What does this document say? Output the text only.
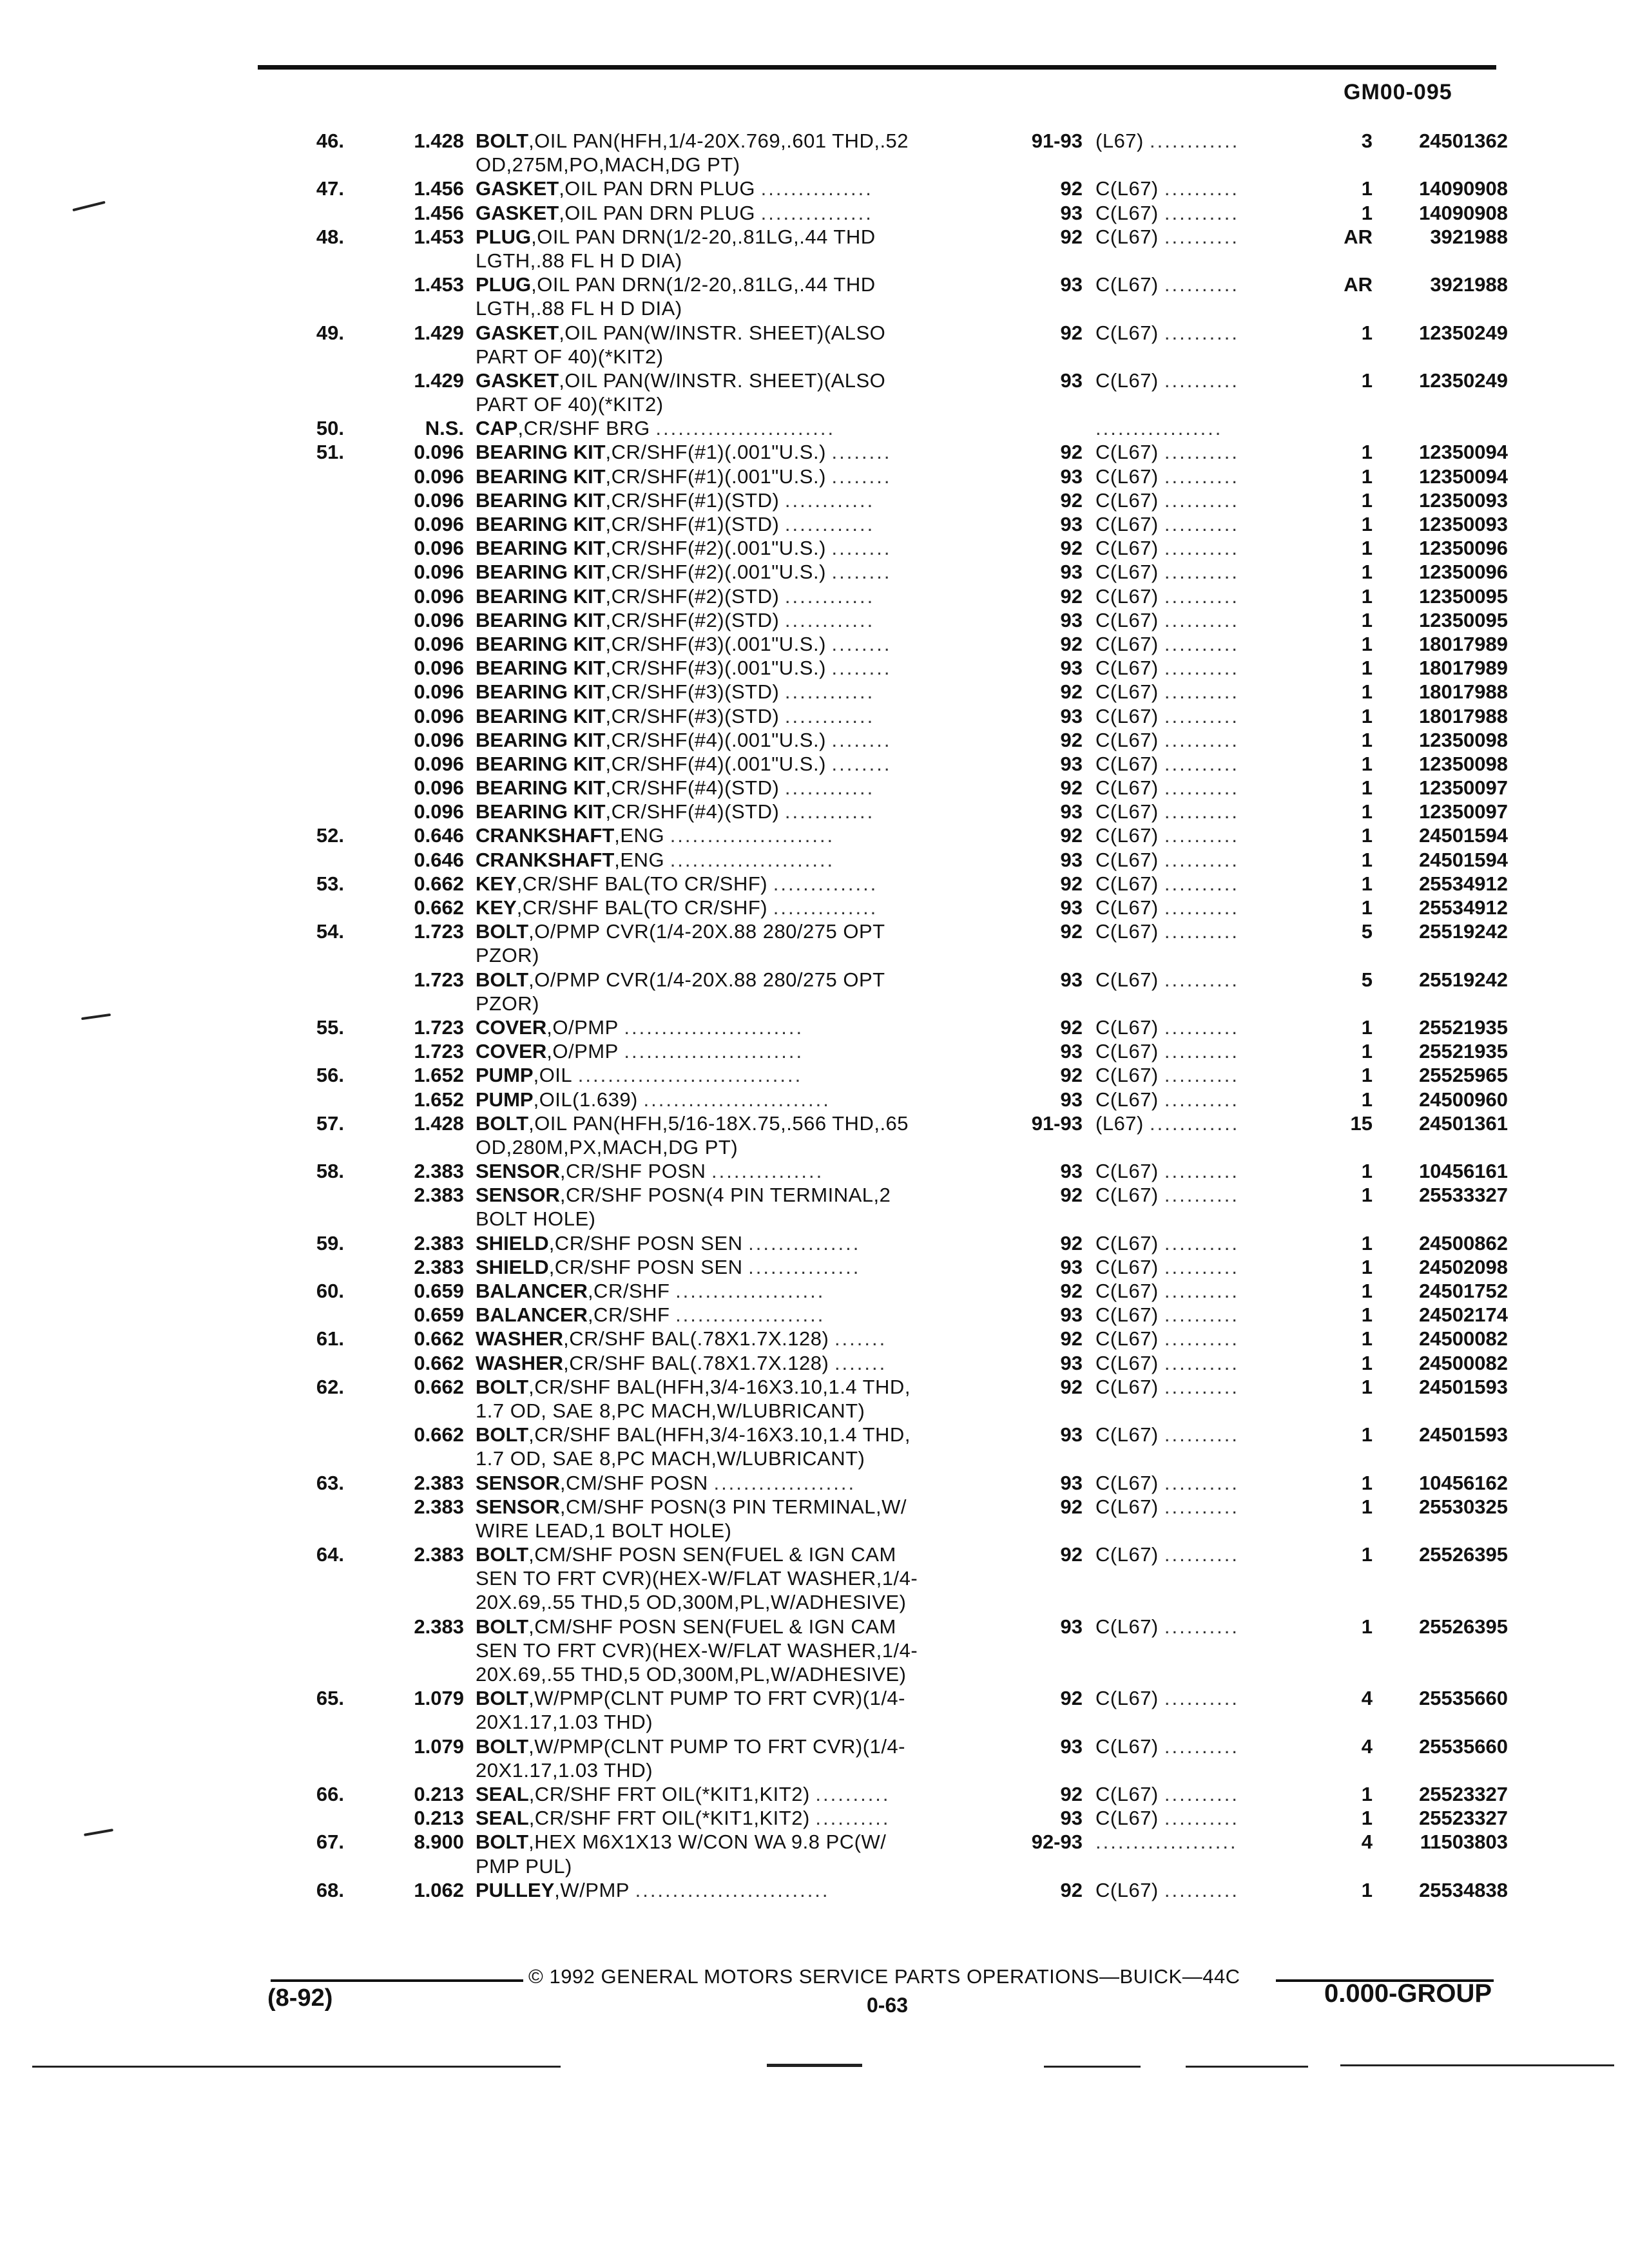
GM00-095
46.	1.428 BOLT,OIL PAN(HFH,1/4-20X.769,.601 THD,.52	91-93 (L67) ............	3	24501362
OD,275M,PO,MACH,DG PT)
47.	1.456 GASKET,OIL PAN DRN PLUG ...............	92 C(L67) ..........	1	14090908
1.456 GASKET,OIL PAN DRN PLUG ...............	93 C(L67) ..........	1	14090908
48.	1.453 PLUG,OIL PAN DRN(1/2-20,.81LG,.44 THD	92 C(L67) ..........	AR	3921988
LGTH,.88 FL H D DIA)
1.453 PLUG,OIL PAN DRN(1/2-20,.81LG,.44 THD	93 C(L67) ..........	AR	3921988
LGTH,.88 FL H D DIA)
49.	1.429 GASKET,OIL PAN(W/INSTR. SHEET)(ALSO	92 C(L67) ..........	1	12350249
PART OF 40)(*KIT2)
1.429 GASKET,OIL PAN(W/INSTR. SHEET)(ALSO	93 C(L67) ..........	1	12350249
PART OF 40)(*KIT2)
50.	N.S. CAP,CR/SHF BRG ........................	.................
51.	0.096 BEARING KIT,CR/SHF(#1)(.001"U.S.) ........	92 C(L67) ..........	1	12350094
0.096 BEARING KIT,CR/SHF(#1)(.001"U.S.) ........	93 C(L67) ..........	1	12350094
0.096 BEARING KIT,CR/SHF(#1)(STD) ............	92 C(L67) ..........	1	12350093
0.096 BEARING KIT,CR/SHF(#1)(STD) ............	93 C(L67) ..........	1	12350093
0.096 BEARING KIT,CR/SHF(#2)(.001"U.S.) ........	92 C(L67) ..........	1	12350096
0.096 BEARING KIT,CR/SHF(#2)(.001"U.S.) ........	93 C(L67) ..........	1	12350096
0.096 BEARING KIT,CR/SHF(#2)(STD) ............	92 C(L67) ..........	1	12350095
0.096 BEARING KIT,CR/SHF(#2)(STD) ............	93 C(L67) ..........	1	12350095
0.096 BEARING KIT,CR/SHF(#3)(.001"U.S.) ........	92 C(L67) ..........	1	18017989
0.096 BEARING KIT,CR/SHF(#3)(.001"U.S.) ........	93 C(L67) ..........	1	18017989
0.096 BEARING KIT,CR/SHF(#3)(STD) ............	92 C(L67) ..........	1	18017988
0.096 BEARING KIT,CR/SHF(#3)(STD) ............	93 C(L67) ..........	1	18017988
0.096 BEARING KIT,CR/SHF(#4)(.001"U.S.) ........	92 C(L67) ..........	1	12350098
0.096 BEARING KIT,CR/SHF(#4)(.001"U.S.) ........	93 C(L67) ..........	1	12350098
0.096 BEARING KIT,CR/SHF(#4)(STD) ............	92 C(L67) ..........	1	12350097
0.096 BEARING KIT,CR/SHF(#4)(STD) ............	93 C(L67) ..........	1	12350097
52.	0.646 CRANKSHAFT,ENG ......................	92 C(L67) ..........	1	24501594
0.646 CRANKSHAFT,ENG ......................	93 C(L67) ..........	1	24501594
53.	0.662 KEY,CR/SHF BAL(TO CR/SHF) ..............	92 C(L67) ..........	1	25534912
0.662 KEY,CR/SHF BAL(TO CR/SHF) ..............	93 C(L67) ..........	1	25534912
54.	1.723 BOLT,O/PMP CVR(1/4-20X.88 280/275 OPT	92 C(L67) ..........	5	25519242
PZOR)
1.723 BOLT,O/PMP CVR(1/4-20X.88 280/275 OPT	93 C(L67) ..........	5	25519242
PZOR)
55.	1.723 COVER,O/PMP ........................	92 C(L67) ..........	1	25521935
1.723 COVER,O/PMP ........................	93 C(L67) ..........	1	25521935
56.	1.652 PUMP,OIL ..............................	92 C(L67) ..........	1	25525965
1.652 PUMP,OIL(1.639) .........................	93 C(L67) ..........	1	24500960
57.	1.428 BOLT,OIL PAN(HFH,5/16-18X.75,.566 THD,.65	91-93 (L67) ............	15	24501361
OD,280M,PX,MACH,DG PT)
58.	2.383 SENSOR,CR/SHF POSN ...............	93 C(L67) ..........	1	10456161
2.383 SENSOR,CR/SHF POSN(4 PIN TERMINAL,2	92 C(L67) ..........	1	25533327
BOLT HOLE)
59.	2.383 SHIELD,CR/SHF POSN SEN ...............	92 C(L67) ..........	1	24500862
2.383 SHIELD,CR/SHF POSN SEN ...............	93 C(L67) ..........	1	24502098
60.	0.659 BALANCER,CR/SHF ....................	92 C(L67) ..........	1	24501752
0.659 BALANCER,CR/SHF ....................	93 C(L67) ..........	1	24502174
61.	0.662 WASHER,CR/SHF BAL(.78X1.7X.128) .......	92 C(L67) ..........	1	24500082
0.662 WASHER,CR/SHF BAL(.78X1.7X.128) .......	93 C(L67) ..........	1	24500082
62.	0.662 BOLT,CR/SHF BAL(HFH,3/4-16X3.10,1.4 THD,	92 C(L67) ..........	1	24501593
1.7 OD, SAE 8,PC MACH,W/LUBRICANT)
0.662 BOLT,CR/SHF BAL(HFH,3/4-16X3.10,1.4 THD,	93 C(L67) ..........	1	24501593
1.7 OD, SAE 8,PC MACH,W/LUBRICANT)
63.	2.383 SENSOR,CM/SHF POSN ...................	93 C(L67) ..........	1	10456162
2.383 SENSOR,CM/SHF POSN(3 PIN TERMINAL,W/	92 C(L67) ..........	1	25530325
WIRE LEAD,1 BOLT HOLE)
64.	2.383 BOLT,CM/SHF POSN SEN(FUEL & IGN CAM	92 C(L67) ..........	1	25526395
SEN TO FRT CVR)(HEX-W/FLAT WASHER,1/4-
20X.69,.55 THD,5 OD,300M,PL,W/ADHESIVE)
2.383 BOLT,CM/SHF POSN SEN(FUEL & IGN CAM	93 C(L67) ..........	1	25526395
SEN TO FRT CVR)(HEX-W/FLAT WASHER,1/4-
20X.69,.55 THD,5 OD,300M,PL,W/ADHESIVE)
65.	1.079 BOLT,W/PMP(CLNT PUMP TO FRT CVR)(1/4-	92 C(L67) ..........	4	25535660
20X1.17,1.03 THD)
1.079 BOLT,W/PMP(CLNT PUMP TO FRT CVR)(1/4-	93 C(L67) ..........	4	25535660
20X1.17,1.03 THD)
66.	0.213 SEAL,CR/SHF FRT OIL(*KIT1,KIT2) ..........	92 C(L67) ..........	1	25523327
0.213 SEAL,CR/SHF FRT OIL(*KIT1,KIT2) ..........	93 C(L67) ..........	1	25523327
67.	8.900 BOLT,HEX M6X1X13 W/CON WA 9.8 PC(W/	92-93 ...................	4	11503803
PMP PUL)
68.	1.062 PULLEY,W/PMP ..........................	92 C(L67) ..........	1	25534838
© 1992 GENERAL MOTORS SERVICE PARTS OPERATIONS—BUICK—44C
(8-92)	0-63	0.000-GROUP
